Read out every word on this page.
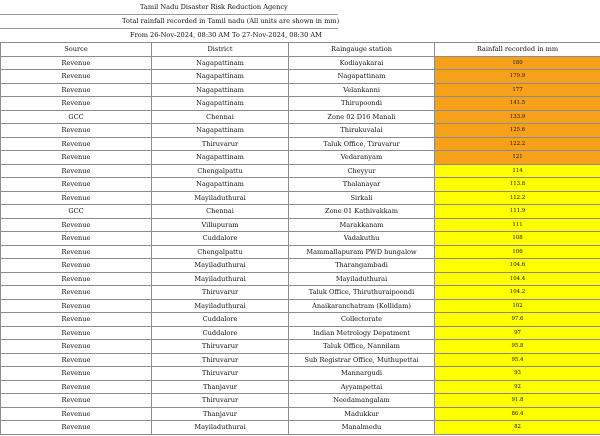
Tamil Nadu Disaster Risk Reduction Agency
Total rainfall recorded in Tamil nadu (All units are shown in mm)
From 26-Nov-2024, 08:30 AM To 27-Nov-2024, 08:30 AM
Source	District	Raingauge station	Rainfall recorded in mm
Revenue	Nagapattinam	Kodiayakarai	180
Revenue	Nagapattinam	Nagapattinam	179.9
Revenue	Nagapattinam	Velankanni	177
Revenue	Nagapattinam	Thirupoondi	141.5
GCC	Chennai	Zone 02 D16 Manali	133.9
Revenue	Nagapattinam	Thirukuvalai	125.6
Revenue	Thiruvarur	Taluk Office, Tiruvarur	122.2
Revenue	Nagapattinam	Vedaranyam	121
Revenue	Chengalpattu	Cheyyur	114
Revenue	Nagapattinam	Thalanayar	113.8
Revenue	Mayiladuthurai	Sirkali	112.2
GCC	Chennai	Zone 01 Kathivakkam	111.9
Revenue	Villupuram	Marakkanam	111
Revenue	Cuddalore	Vadakuthu	108
Revenue	Chengalpattu	Mammallapuram PWD bungalow	106
Revenue	Mayiladuthurai	Tharangambadi	104.6
Revenue	Mayiladuthurai	Mayiladuthurai	104.4
Revenue	Thiruvarur	Taluk Office, Thiruthuraipoondi	104.2
Revenue	Mayiladuthurai	Anaikaranchatram (Kollidam)	102
Revenue	Cuddalore	Collectorate	97.6
Revenue	Cuddalore	Indian Metrology Depatment	97
Revenue	Thiruvarur	Taluk Office, Nannilam	95.8
Revenue	Thiruvarur	Sub Registrar Office, Muthupettai	95.4
Revenue	Thiruvarur	Mannargudi	93
Revenue	Thanjavur	Ayyampettai	92
Revenue	Thiruvarur	Needamangalam	91.8
Revenue	Thanjavur	Madukkur	86.4
Revenue	Mayiladuthurai	Manalmedu	82
